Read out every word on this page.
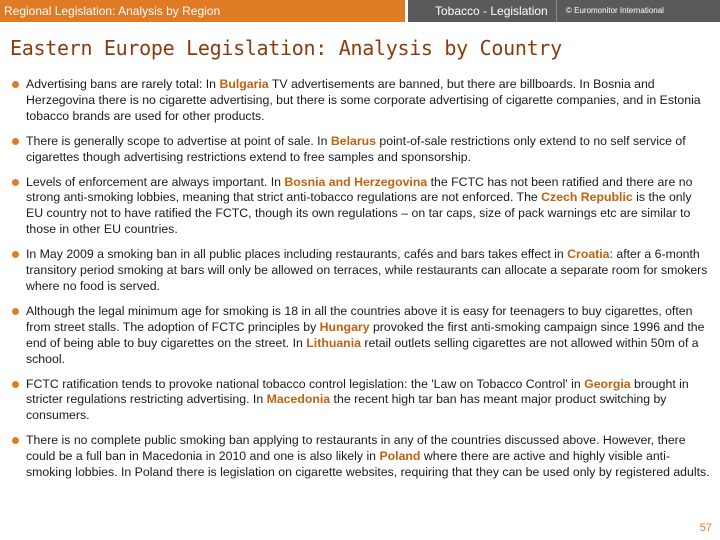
Regional Legislation: Analysis by Region	Tobacco - Legislation	© Euromonitor International
Eastern Europe Legislation: Analysis by Country
Advertising bans are rarely total: In Bulgaria TV advertisements are banned, but there are billboards. In Bosnia and Herzegovina there is no cigarette advertising, but there is some corporate advertising of cigarette companies, and in Estonia tobacco brands are used for other products.
There is generally scope to advertise at point of sale. In Belarus point-of-sale restrictions only extend to no self service of cigarettes though advertising restrictions extend to free samples and sponsorship.
Levels of enforcement are always important. In Bosnia and Herzegovina the FCTC has not been ratified and there are no strong anti-smoking lobbies, meaning that strict anti-tobacco regulations are not enforced. The Czech Republic is the only EU country not to have ratified the FCTC, though its own regulations – on tar caps, size of pack warnings etc are similar to those in other EU countries.
In May 2009 a smoking ban in all public places including restaurants, cafés and bars takes effect in Croatia: after a 6-month transitory period smoking at bars will only be allowed on terraces, while restaurants can allocate a separate room for smokers where no food is served.
Although the legal minimum age for smoking is 18 in all the countries above it is easy for teenagers to buy cigarettes, often from street stalls. The adoption of FCTC principles by Hungary provoked the first anti-smoking campaign since 1996 and the end of being able to buy cigarettes on the street. In Lithuania retail outlets selling cigarettes are not allowed within 50m of a school.
FCTC ratification tends to provoke national tobacco control legislation: the 'Law on Tobacco Control' in Georgia brought in stricter regulations restricting advertising. In Macedonia the recent high tar ban has meant major product switching by consumers.
There is no complete public smoking ban applying to restaurants in any of the countries discussed above. However, there could be a full ban in Macedonia in 2010 and one is also likely in Poland where there are active and highly visible anti-smoking lobbies. In Poland there is legislation on cigarette websites, requiring that they can be used only by registered adults.
57
